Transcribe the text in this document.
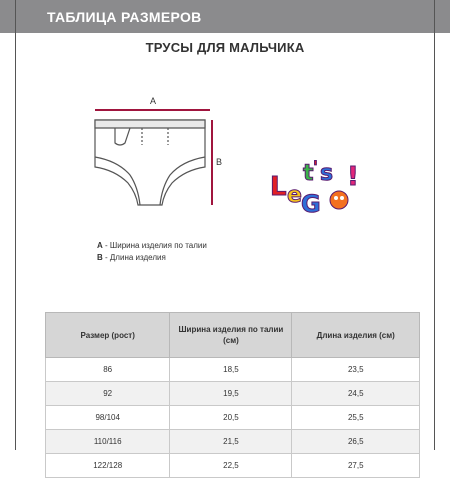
ТАБЛИЦА РАЗМЕРОВ
ТРУСЫ ДЛЯ МАЛЬЧИКА
A
B
L e
t ' s
G
!
A - Ширина изделия по талии
B - Длина изделия
Размер (рост)	Ширина изделия по талии (см)	Длина изделия (см)
86	18,5	23,5
92	19,5	24,5
98/104	20,5	25,5
110/116	21,5	26,5
122/128	22,5	27,5
